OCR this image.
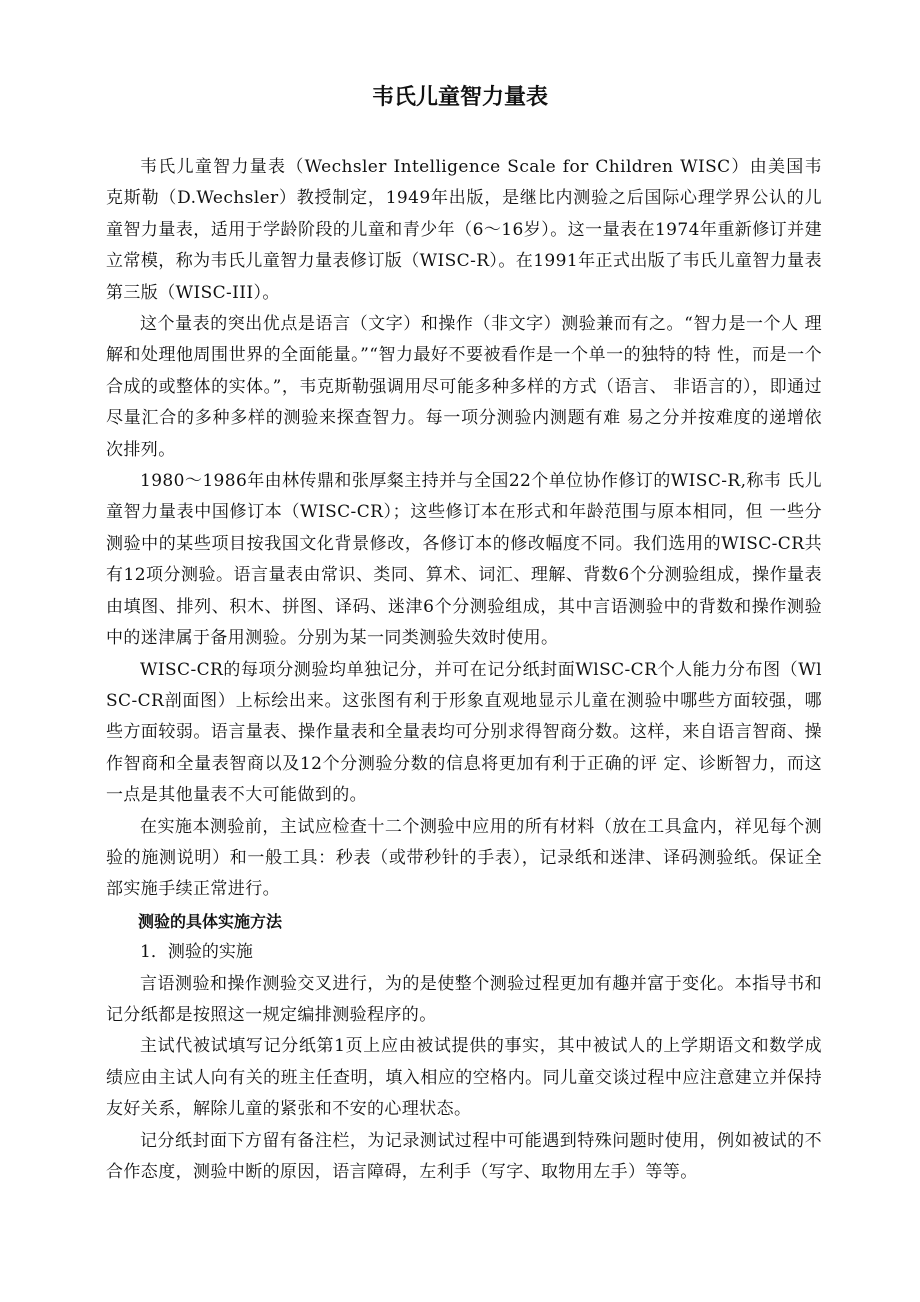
韦氏儿童智力量表

韦氏儿童智力量表（Wechsler Intelligence Scale for Children WISC）由美国韦克斯勒（D.Wechsler）教授制定，1949年出版，是继比内测验之后国际心理学界公认的儿童智力量表，适用于学龄阶段的儿童和青少年（6～16岁）。这一量表在1974年重新修订并建立常模，称为韦氏儿童智力量表修订版（WISC-R）。在1991年正式出版了韦氏儿童智力量表第三版（WISC-III）。

这个量表的突出优点是语言（文字）和操作（非文字）测验兼而有之。“智力是一个人 理解和处理他周围世界的全面能量。”“智力最好不要被看作是一个单一的独特的特 性，而是一个合成的或整体的实体。”，韦克斯勒强调用尽可能多种多样的方式（语言、 非语言的），即通过尽量汇合的多种多样的测验来探查智力。每一项分测验内测题有难 易之分并按难度的递增依次排列。

1980～1986年由林传鼎和张厚粲主持并与全国22个单位协作修订的WISC-R,称韦 氏儿童智力量表中国修订本（WISC-CR）；这些修订本在形式和年龄范围与原本相同，但 一些分测验中的某些项目按我国文化背景修改，各修订本的修改幅度不同。我们选用的WISC-CR共有12项分测验。语言量表由常识、类同、算术、词汇、理解、背数6个分测验组成，操作量表由填图、排列、积木、拼图、译码、迷津6个分测验组成，其中言语测验中的背数和操作测验中的迷津属于备用测验。分别为某一同类测验失效时使用。

WISC-CR的每项分测验均单独记分，并可在记分纸封面WlSC-CR个人能力分布图（WlSC-CR剖面图）上标绘出来。这张图有利于形象直观地显示儿童在测验中哪些方面较强，哪些方面较弱。语言量表、操作量表和全量表均可分别求得智商分数。这样，来自语言智商、操作智商和全量表智商以及12个分测验分数的信息将更加有利于正确的评 定、诊断智力，而这一点是其他量表不大可能做到的。

在实施本测验前，主试应检查十二个测验中应用的所有材料（放在工具盒内，祥见每个测验的施测说明）和一般工具：秒表（或带秒针的手表），记录纸和迷津、译码测验纸。保证全部实施手续正常进行。

测验的具体实施方法

1．测验的实施

言语测验和操作测验交叉进行，为的是使整个测验过程更加有趣并富于变化。本指导书和记分纸都是按照这一规定编排测验程序的。

主试代被试填写记分纸第1页上应由被试提供的事实，其中被试人的上学期语文和数学成绩应由主试人向有关的班主任查明，填入相应的空格内。同儿童交谈过程中应注意建立并保持友好关系，解除儿童的紧张和不安的心理状态。

记分纸封面下方留有备注栏，为记录测试过程中可能遇到特殊问题时使用，例如被试的不合作态度，测验中断的原因，语言障碍，左利手（写字、取物用左手）等等。
